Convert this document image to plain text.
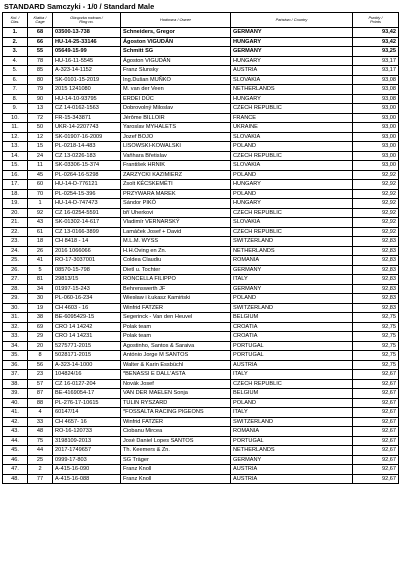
STANDARD Samczyki - 1/0 / Standard Male
Koł. /
Clas.	Klatka /
Cage	Obrączka rodowa /
Ring no.	Hodowca / Owner	Państwo / Country	Punkty /
Points
1.	68	03500-13-738	Schneiders, Gregor	GERMANY	93,42
2.	66	HU-14-25-33146	Ágoston VIGUDÁN	HUNGARY	93,42
3.	55	05649-15-99	Schmitt SG	GERMANY	93,25
4.	78	HU-16-11-5545	Ágoston VIGUDÁN	HUNGARY	93,17
5.	85	A-323-14-1152	Franz Slunsky	AUSTRIA	93,17
6.	80	SK-0101-15-2019	Ing.Dušan MUŇKO	SLOVAKIA	93,08
7.	79	2015 1241080	M. van der Veen	NETHERLANDS	93,08
8.	90	HU-14-10-93795	ERDEI DÜC	HUNGARY	93,08
9.	13	CZ 14-0162-1563	Dobrovolný Miloslav	CZECH REPUBLIC	93,00
10.	72	FR-15-343871	Jérôme BILLOIR	FRANCE	93,00
11.	50	UKR-14-2207743	Yaroslav MYHALETS	UKRAINE	93,00
12.	12	SK-01907-16-2009	Jozef BOJO	SLOVAKIA	93,00
13.	15	PL-0218-14-483	LISOWSKI-KOWALSKI	POLAND	93,00
14.	24	CZ 13-0226-183	Vaňhara Břetislav	CZECH REPUBLIC	93,00
15.	11	SK-03306-15-374	František HRNIK	SLOVAKIA	93,00
16.	45	PL-0264-16-5298	ZARZYCKI KAZIMIERZ	POLAND	92,92
17.	60	HU-14-D-776121	Zsolt KÉCSKEMÉTI	HUNGARY	92,92
18.	70	PL-0254-15-396	PRZYWARA MAREK	POLAND	92,92
19.	1	HU-14-D-747473	Sándor PIKÓ	HUNGARY	92,92
20.	92	CZ 16-0254-5591	bří Uherkovi	CZECH REPUBLIC	92,92
21.	43	SK-01302-14-617	Vladimír VERNARSKÝ	SLOVAKIA	92,92
22.	61	CZ 13-0166-3899	Lamáček Josef + David	CZECH REPUBLIC	92,92
23.	18	CH 8418 - 14	M.L.M. WYSS	SWITZERLAND	92,83
24.	26	2016 1066066	H.H.Oving en Zn.	NETHERLANDS	92,83
25.	41	RO-17-3037001	Coldea Claudiu	ROMANIA	92,83
26.	5	08570-15-798	Dietl u. Tochter	GERMANY	92,83
27.	81	29813/15	RONCELLA FILIPPO	ITALY	92,83
28.	34	01997-15-243	Behrenswerth JF	GERMANY	92,83
29.	30	PL-060-16-234	Wiesław i Łukasz Kamiński	POLAND	92,83
30.	19	CH 4603 - 16	Winfrid FATZER	SWITZERLAND	92,83
31.	38	BE-6095429-15	Segerinck - Van den Heuvel	BELGIUM	92,75
32.	69	CRO 14 14242	Polak team	CROATIA	92,75
33.	29	CRO 14 14231	Polak team	CROATIA	92,75
34.	20	5275771-2015	Agostinho, Santos & Saraiva	PORTUGAL	92,75
35.	8	5028171-2015	António Jorge M SANTOS	PORTUGAL	92,75
36.	56	A-323-14-1000	Walter & Karin Essbüchl	AUSTRIA	92,75
37.	23	104824/16	*BENASSI E DALL'ASTA	ITALY	92,67
38.	57	CZ 16-0127-204	Novák Josef	CZECH REPUBLIC	92,67
39.	87	BE-4169054-17	VAN DER MAELEN Sonja	BELGIUM	92,67
40.	88	PL-276-17-10615	TULIN RYSZARD	POLAND	92,67
41.	4	60147/14	*FOSSALTA RACING PIGEONS	ITALY	92,67
42.	33	CH 4657- 16	Winfrid FATZER	SWITZERLAND	92,67
43.	48	RO-16-120733	Ciobanu Mircea	ROMANIA	92,67
44.	75	3198109-2013	José Daniel Lopes SANTOS	PORTUGAL	92,67
45.	44	2017-1749657	Th. Keemers & Zn.	NETHERLANDS	92,67
46.	25	0999-17-803	SG Träger	GERMANY	92,67
47.	2	A-415-16-090	Franz Knoll	AUSTRIA	92,67
48.	77	A-415-16-088	Franz Knoll	AUSTRIA	92,67
